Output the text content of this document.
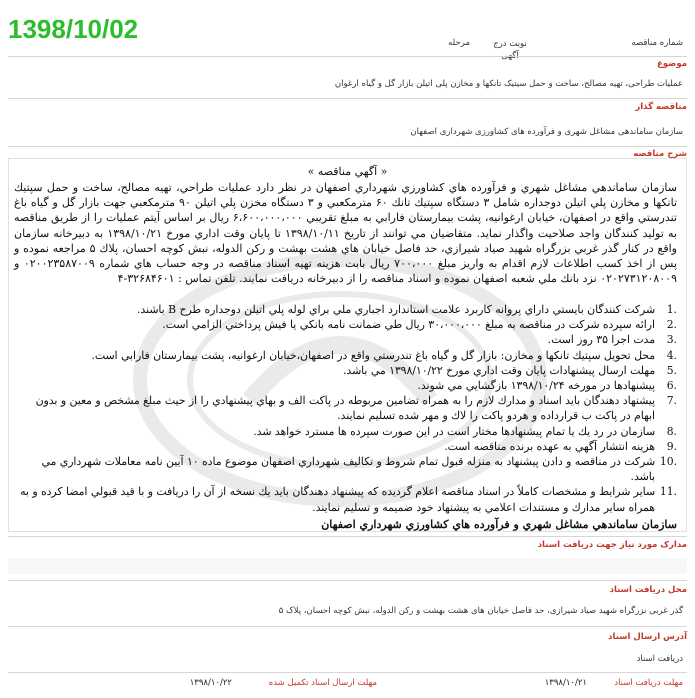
1398/10/02	شماره مناقصه
مرحله	نوبت درج
آگهی
موضوع
عملیات طراحی، تهیه مصالح، ساخت و حمل سیتیک تانکها و مخازن پلی اتیلن بازار گل و گیاه ارغوان
مناقصه گذار
سازمان ساماندهی مشاغل شهری و فرآورده های کشاورزی شهرداری اصفهان
شرح مناقصه
« آگهي مناقصه »
سازمان ساماندهي مشاغل شهري و فرآورده هاي كشاورزي شهرداري اصفهان در نظر دارد عمليات طراحي، تهيه مصالح، ساخت و حمل سپتيك تانكها و مخازن پلي اتيلن دوجداره شامل ۳ دستگاه سپتيك تانك ۶۰ مترمكعبي و ۳ دستگاه مخزن پلي اتيلن ۹۰ مترمكعبي جهت بازار گل و گياه باغ تندرستي واقع در اصفهان، خيابان ارغوانيه، پشت بيمارستان فارابي به مبلغ تقريبي ۶،۶۰۰،۰۰۰،۰۰۰ ريال بر اساس آيتم عمليات را از طريق مناقصه به توليد كنندگان واجد صلاحيت واگذار نمايد. متقاضيان مي توانند از تاريخ ۱۳۹۸/۱۰/۱۱ تا پايان وقت اداري مورخ ۱۳۹۸/۱۰/۲۱ به دبيرخانه سازمان واقع در كنار گذر غربي بزرگراه شهيد صياد شيرازي، حد فاصل خيابان هاي هشت بهشت و ركن الدوله، نبش كوچه احسان، پلاك ۵ مراجعه نموده و پس از اخذ كسب اطلاعات لازم اقدام به واريز مبلغ ۷۰۰،۰۰۰ ريال بابت هزينه تهيه اسناد مناقصه در وجه حساب هاي شماره ۰۲۰۰۲۳۵۸۷۰۰۹ و ۰۲۰۲۷۳۱۲۰۸۰۰۹ نزد بانك ملي شعبه اصفهان نموده و اسناد مناقصه را از دبيرخانه دريافت نمايند. تلفن تماس : ۳۲۶۸۴۶۰۱-۴
1.
شركت كنندگان بايستي داراي پروانه كاربرد علامت استاندارد اجباري ملي براي لوله پلي اتيلن دوجداره طرح B باشند.
2.
ارائه سپرده شركت در مناقصه به مبلغ ۳۰،۰۰۰،۰۰۰ ريال طي ضمانت نامه بانكي يا فيش پرداختي الزامي است.
3.
مدت اجرا ۳۵ روز است.
4.
محل تحويل سپتيك تانكها و مخازن: بازار گل و گياه باغ تندرستي واقع در اصفهان،خيابان ارغوانيه، پشت بيمارستان فارابي است.
5.
مهلت ارسال پيشنهادات پايان وقت اداري مورخ ۱۳۹۸/۱۰/۲۲ مي باشد.
6.
پيشنهادها در مورخه ۱۳۹۸/۱۰/۲۴ بازگشايي مي شوند.
7.
پيشنهاد دهندگان بايد اسناد و مدارك لازم را به همراه تضامين مربوطه در پاكت الف و بهاي پيشنهادي را از حيث مبلغ مشخص و معين و بدون ابهام در پاكت ب قرارداده و هردو پاكت را لاك و مهر شده تسليم نمايند.
8.
سازمان در رد يك يا تمام پيشنهادها مختار است در اين صورت سپرده ها مسترد خواهد شد.
9.
هزينه انتشار آگهي به عهده برنده مناقصه است.
10.
شركت در مناقصه و دادن پيشنهاد به منزله قبول تمام شروط و تكاليف شهرداري اصفهان موضوع ماده ۱۰ آيين نامه معاملات شهرداري مي باشد.
11.
ساير شرايط و مشخصات كاملاً در اسناد مناقصه اعلام گرديده كه پيشنهاد دهندگان بايد يك نسخه از آن را دريافت و با قيد قبولي امضا كرده و به همراه ساير مدارك و مستندات اعلامي به پيشنهاد خود ضميمه و تسليم نمايند.
سازمان ساماندهي مشاغل شهري و فرآورده هاي كشاورزي شهرداري اصفهان
مدارک مورد نیاز جهت دریافت اسناد
محل دریافت اسناد
گذر غربی بزرگراه شهید صیاد شیرازی، حد فاصل خیابان های هشت بهشت و رکن الدوله، نبش کوچه احسان، پلاک ۵
آدرس ارسال اسناد
دریافت اسناد
مهلت دریافت اسناد
۱۳۹۸/۱۰/۲۱
مهلت ارسال اسناد تکمیل شده
۱۳۹۸/۱۰/۲۲
